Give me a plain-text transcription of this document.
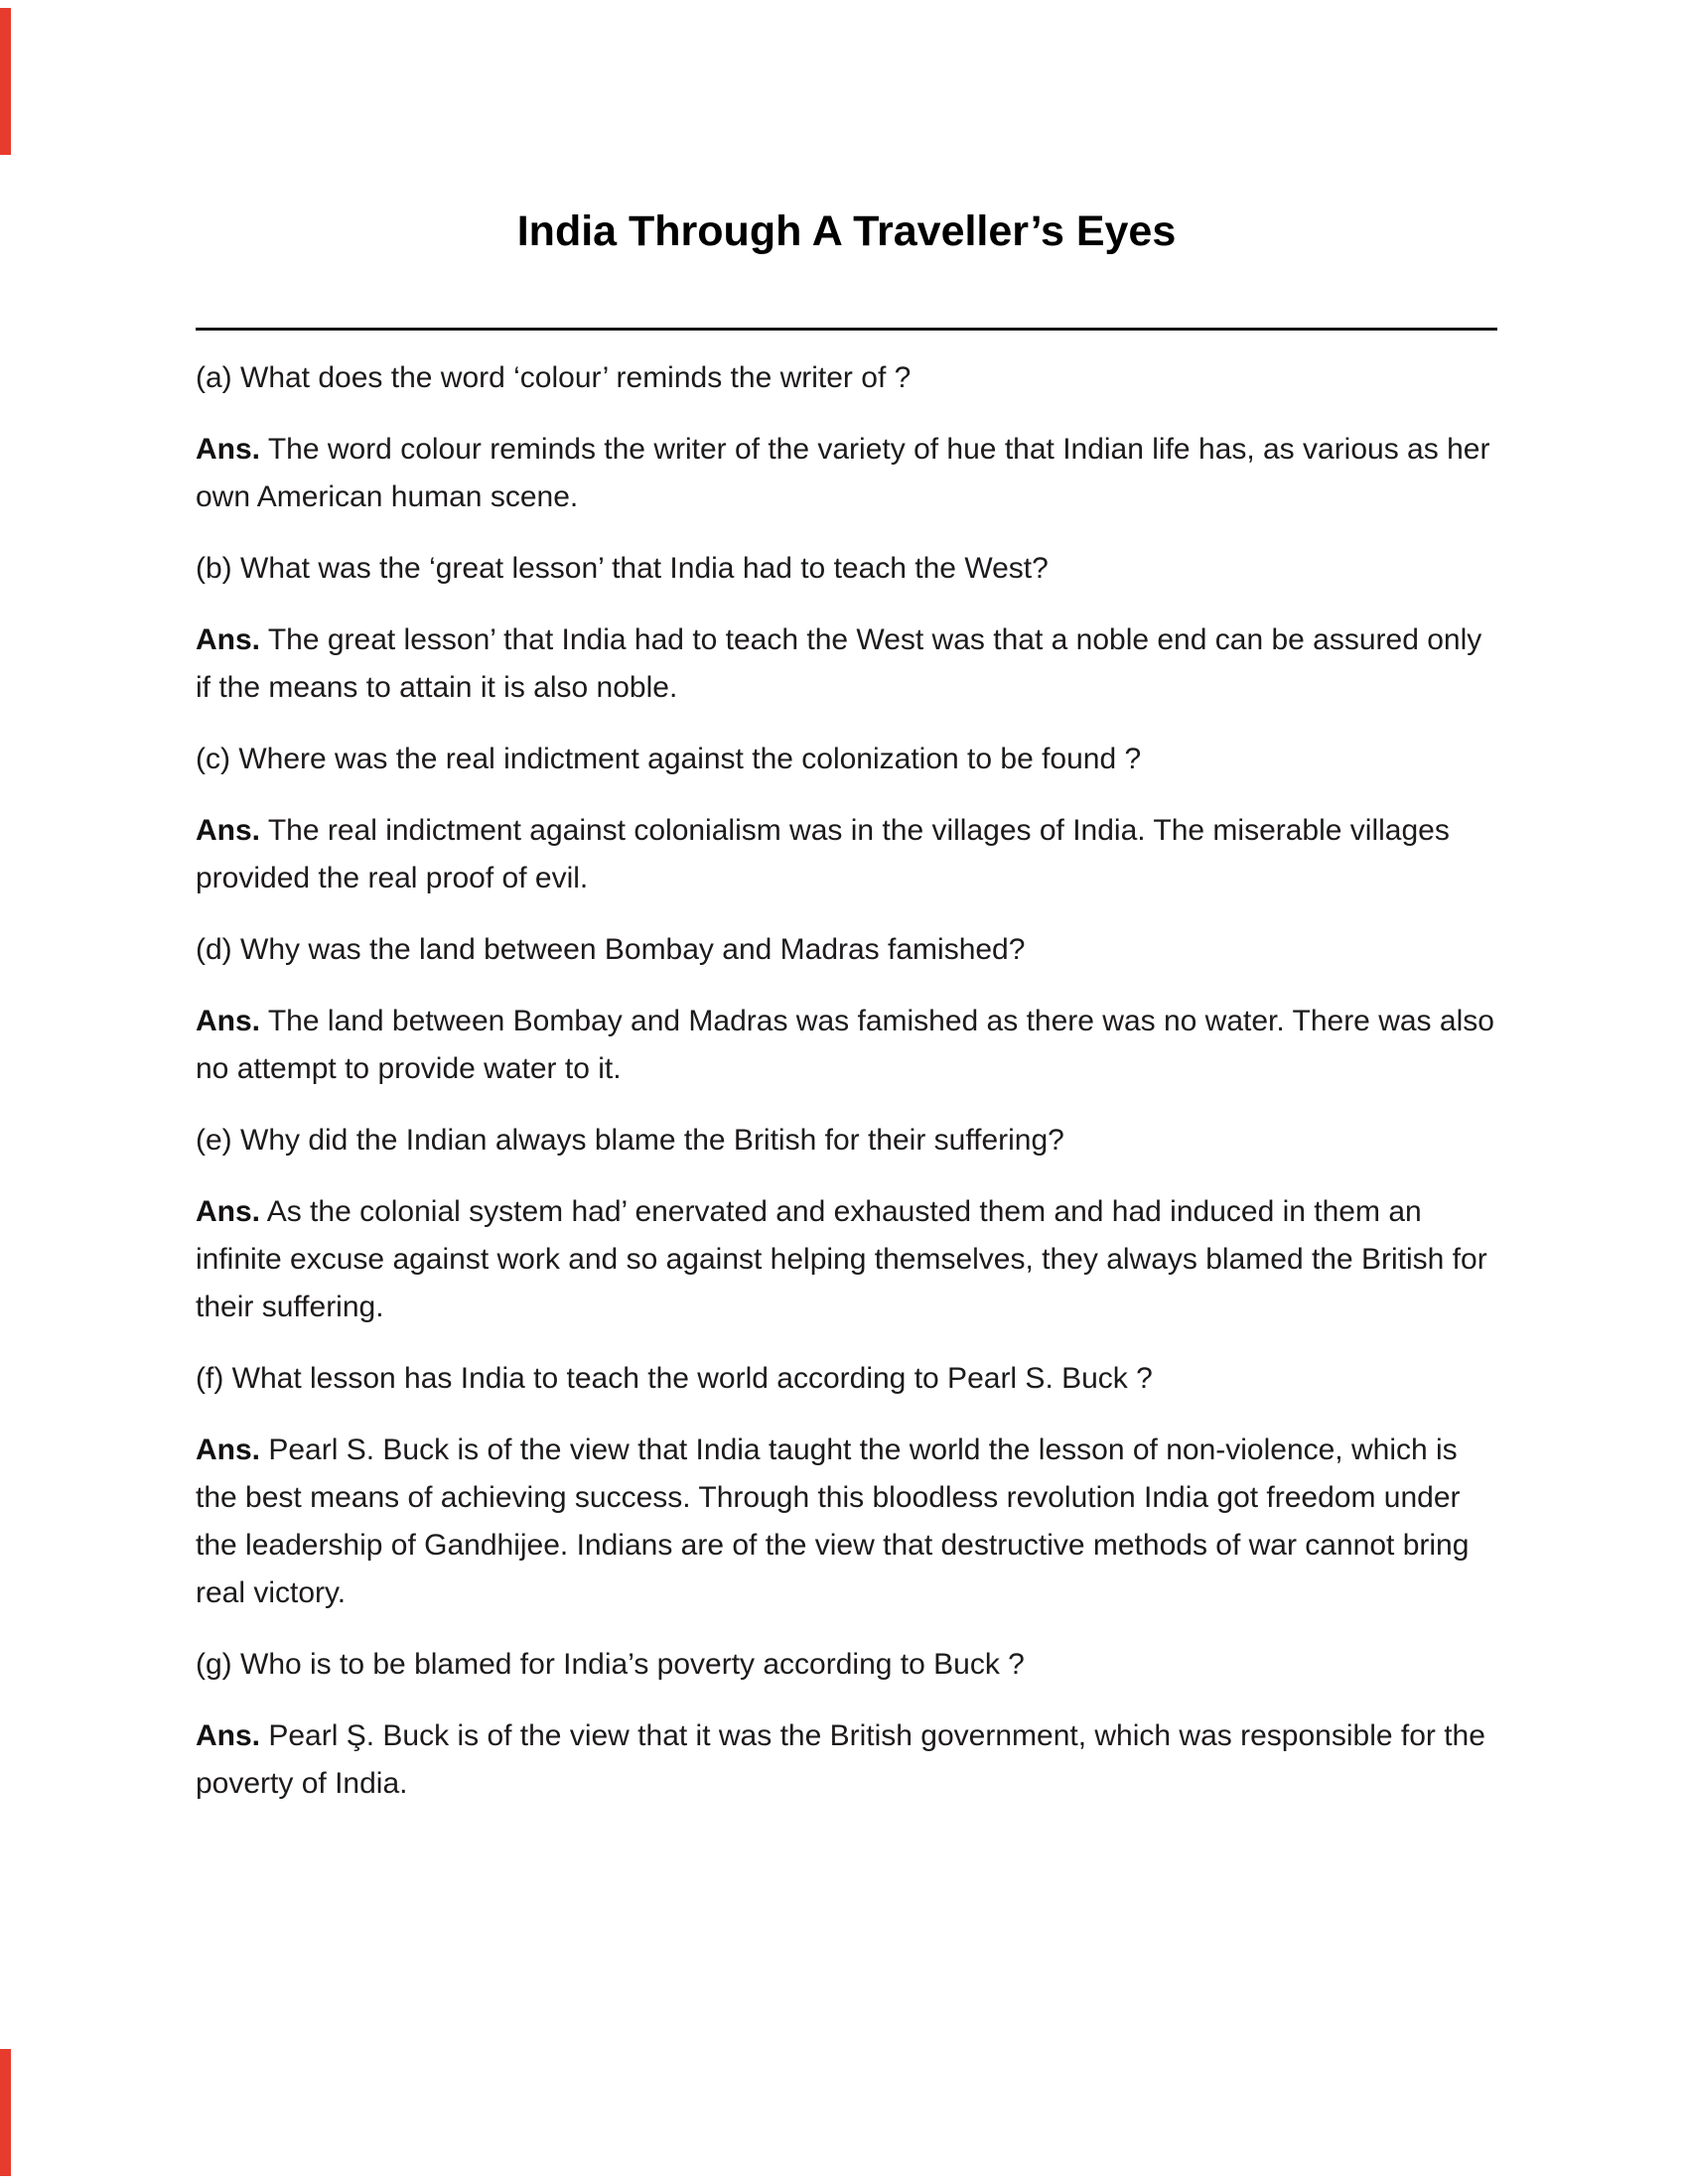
India Through A Traveller’s Eyes

(a) What does the word ‘colour’ reminds the writer of ?

Ans. The word colour reminds the writer of the variety of hue that Indian life has, as various as her own American human scene.

(b) What was the ‘great lesson’ that India had to teach the West?

Ans. The great lesson’ that India had to teach the West was that a noble end can be assured only if the means to attain it is also noble.

(c) Where was the real indictment against the colonization to be found ?

Ans. The real indictment against colonialism was in the villages of India. The miserable villages provided the real proof of evil.

(d) Why was the land between Bombay and Madras famished?

Ans. The land between Bombay and Madras was famished as there was no water. There was also no attempt to provide water to it.

(e) Why did the Indian always blame the British for their suffering?

Ans. As the colonial system had’ enervated and exhausted them and had induced in them an infinite excuse against work and so against helping themselves, they always blamed the British for their suffering.

(f) What lesson has India to teach the world according to Pearl S. Buck ?

Ans. Pearl S. Buck is of the view that India taught the world the lesson of non-violence, which is the best means of achieving success. Through this bloodless revolution India got freedom under the leadership of Gandhijee. Indians are of the view that destructive methods of war cannot bring real victory.

(g) Who is to be blamed for India’s poverty according to Buck ?

Ans. Pearl Ş. Buck is of the view that it was the British government, which was responsible for the poverty of India.
